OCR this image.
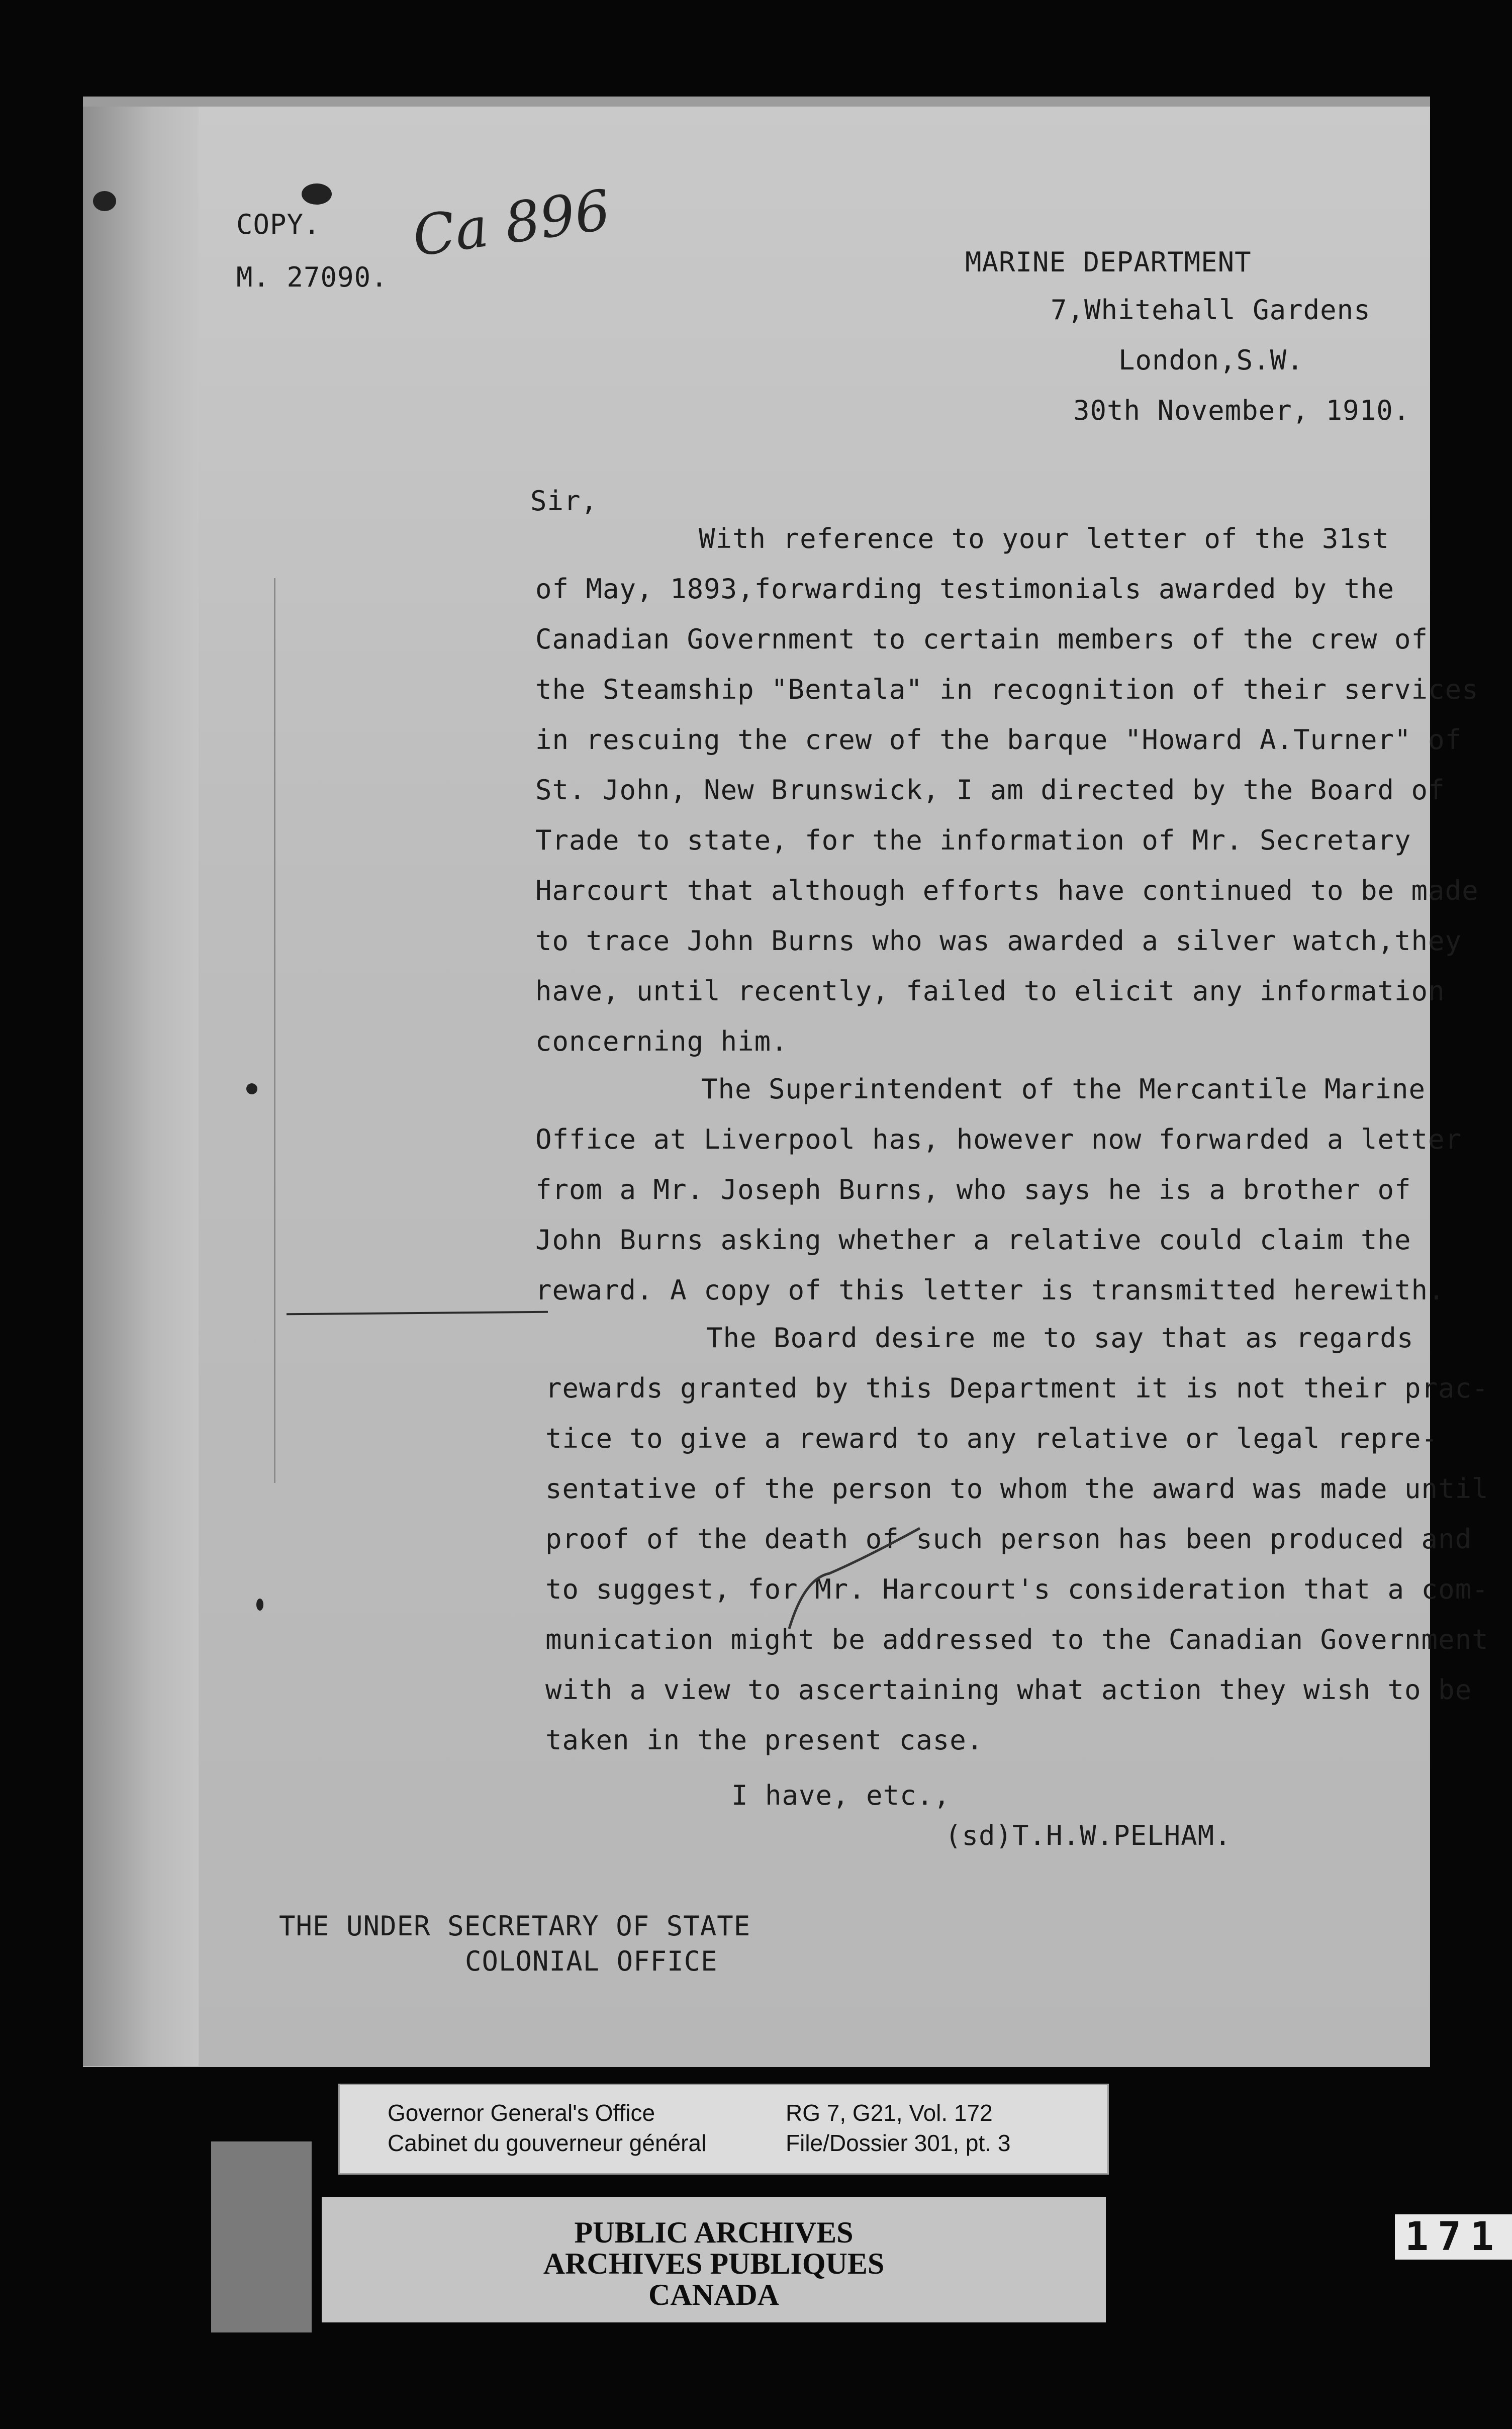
COPY.
M. 27090.
Ca 896	MARINE DEPARTMENT
7,Whitehall Gardens
London,S.W.
30th November, 1910.
Sir,
With reference to your letter of the 31st
of May, 1893,forwarding testimonials awarded by the
Canadian Government to certain members of the crew of
the Steamship "Bentala" in recognition of their services
in rescuing the crew of the barque "Howard A.Turner" of
St. John, New Brunswick, I am directed by the Board of
Trade to state, for the information of Mr. Secretary
Harcourt that although efforts have continued to be made
to trace John Burns who was awarded a silver watch,they
have, until recently, failed to elicit any information
concerning him.
The Superintendent of the Mercantile Marine
Office at Liverpool has, however now forwarded a letter
from a Mr. Joseph Burns, who says he is a brother of
John Burns asking whether a relative could claim the
reward. A copy of this letter is transmitted herewith.
The Board desire me to say that as regards
rewards granted by this Department it is not their prac-
tice to give a reward to any relative or legal repre-
sentative of the person to whom the award was made until
proof of the death of such person has been produced and
to suggest, for Mr. Harcourt's consideration that a com-
munication might be addressed to the Canadian Government
with a view to ascertaining what action they wish to be
taken in the present case.
I have, etc.,
(sd)T.H.W.PELHAM.
THE UNDER SECRETARY OF STATE
COLONIAL OFFICE
Governor General's Office
Cabinet du gouverneur général
RG 7, G21, Vol. 172
File/Dossier 301, pt. 3
PUBLIC ARCHIVES
ARCHIVES PUBLIQUES
CANADA
171
